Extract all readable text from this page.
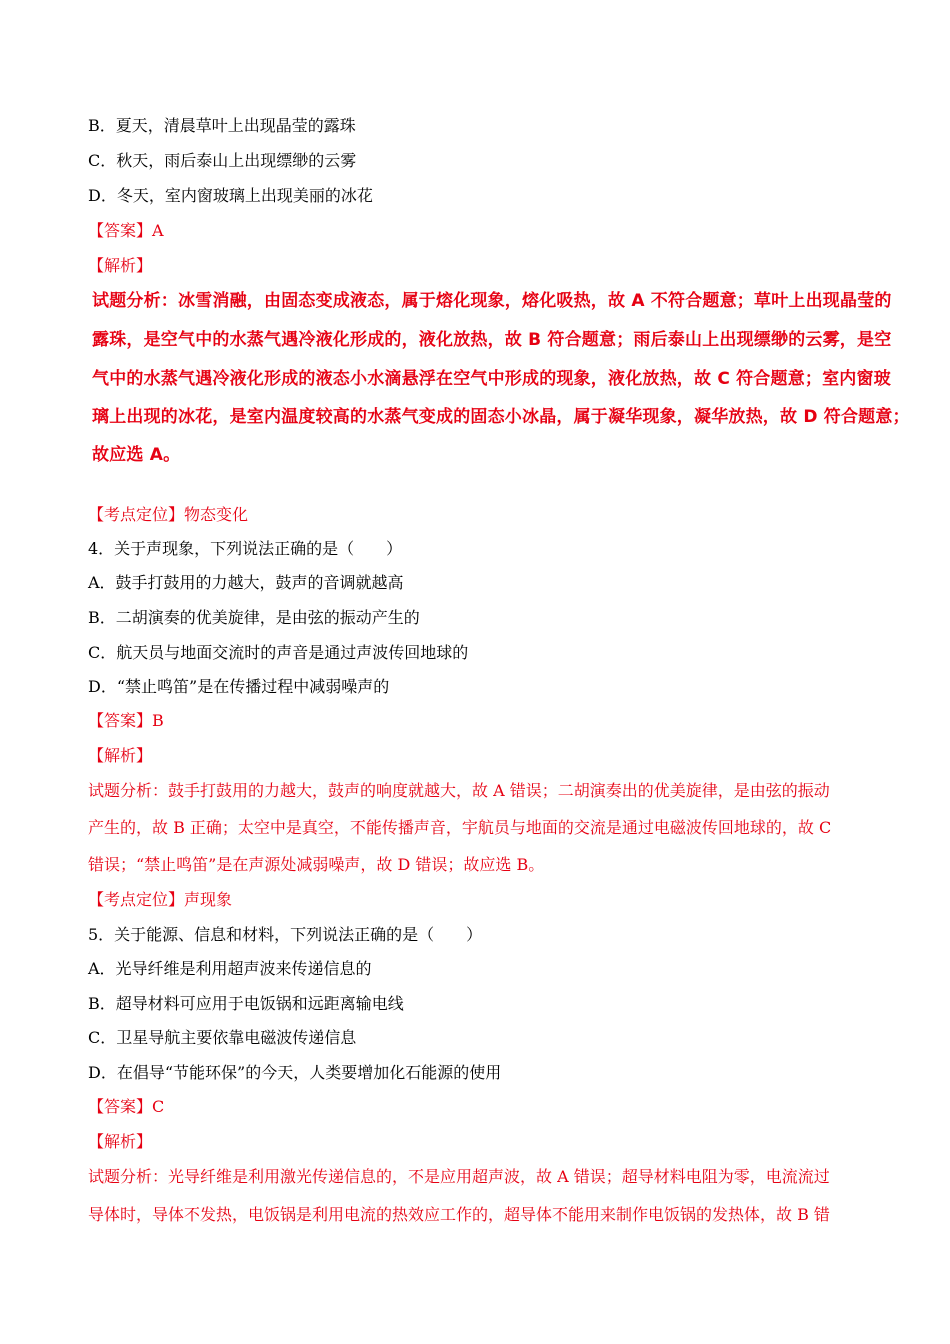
B．夏天，清晨草叶上出现晶莹的露珠
C．秋天，雨后泰山上出现缥缈的云雾
D．冬天，室内窗玻璃上出现美丽的冰花
【答案】A
【解析】
试题分析：冰雪消融，由固态变成液态，属于熔化现象，熔化吸热，故 A 不符合题意；草叶上出现晶莹的
露珠，是空气中的水蒸气遇冷液化形成的，液化放热，故 B 符合题意；雨后泰山上出现缥缈的云雾，是空
气中的水蒸气遇冷液化形成的液态小水滴悬浮在空气中形成的现象，液化放热，故 C 符合题意；室内窗玻
璃上出现的冰花，是室内温度较高的水蒸气变成的固态小冰晶，属于凝华现象，凝华放热，故 D 符合题意；
故应选 A。
【考点定位】物态变化
4．关于声现象，下列说法正确的是（　　）
A．鼓手打鼓用的力越大，鼓声的音调就越高
B．二胡演奏的优美旋律，是由弦的振动产生的
C．航天员与地面交流时的声音是通过声波传回地球的
D．“禁止鸣笛”是在传播过程中减弱噪声的
【答案】B
【解析】
试题分析：鼓手打鼓用的力越大，鼓声的响度就越大，故 A 错误；二胡演奏出的优美旋律，是由弦的振动
产生的，故 B 正确；太空中是真空，不能传播声音，宇航员与地面的交流是通过电磁波传回地球的，故 C
错误；“禁止鸣笛”是在声源处减弱噪声，故 D 错误；故应选 B。
【考点定位】声现象
5．关于能源、信息和材料，下列说法正确的是（　　）
A．光导纤维是利用超声波来传递信息的
B．超导材料可应用于电饭锅和远距离输电线
C．卫星导航主要依靠电磁波传递信息
D．在倡导“节能环保”的今天，人类要增加化石能源的使用
【答案】C
【解析】
试题分析：光导纤维是利用激光传递信息的，不是应用超声波，故 A 错误；超导材料电阻为零，电流流过
导体时，导体不发热，电饭锅是利用电流的热效应工作的，超导体不能用来制作电饭锅的发热体，故 B 错
